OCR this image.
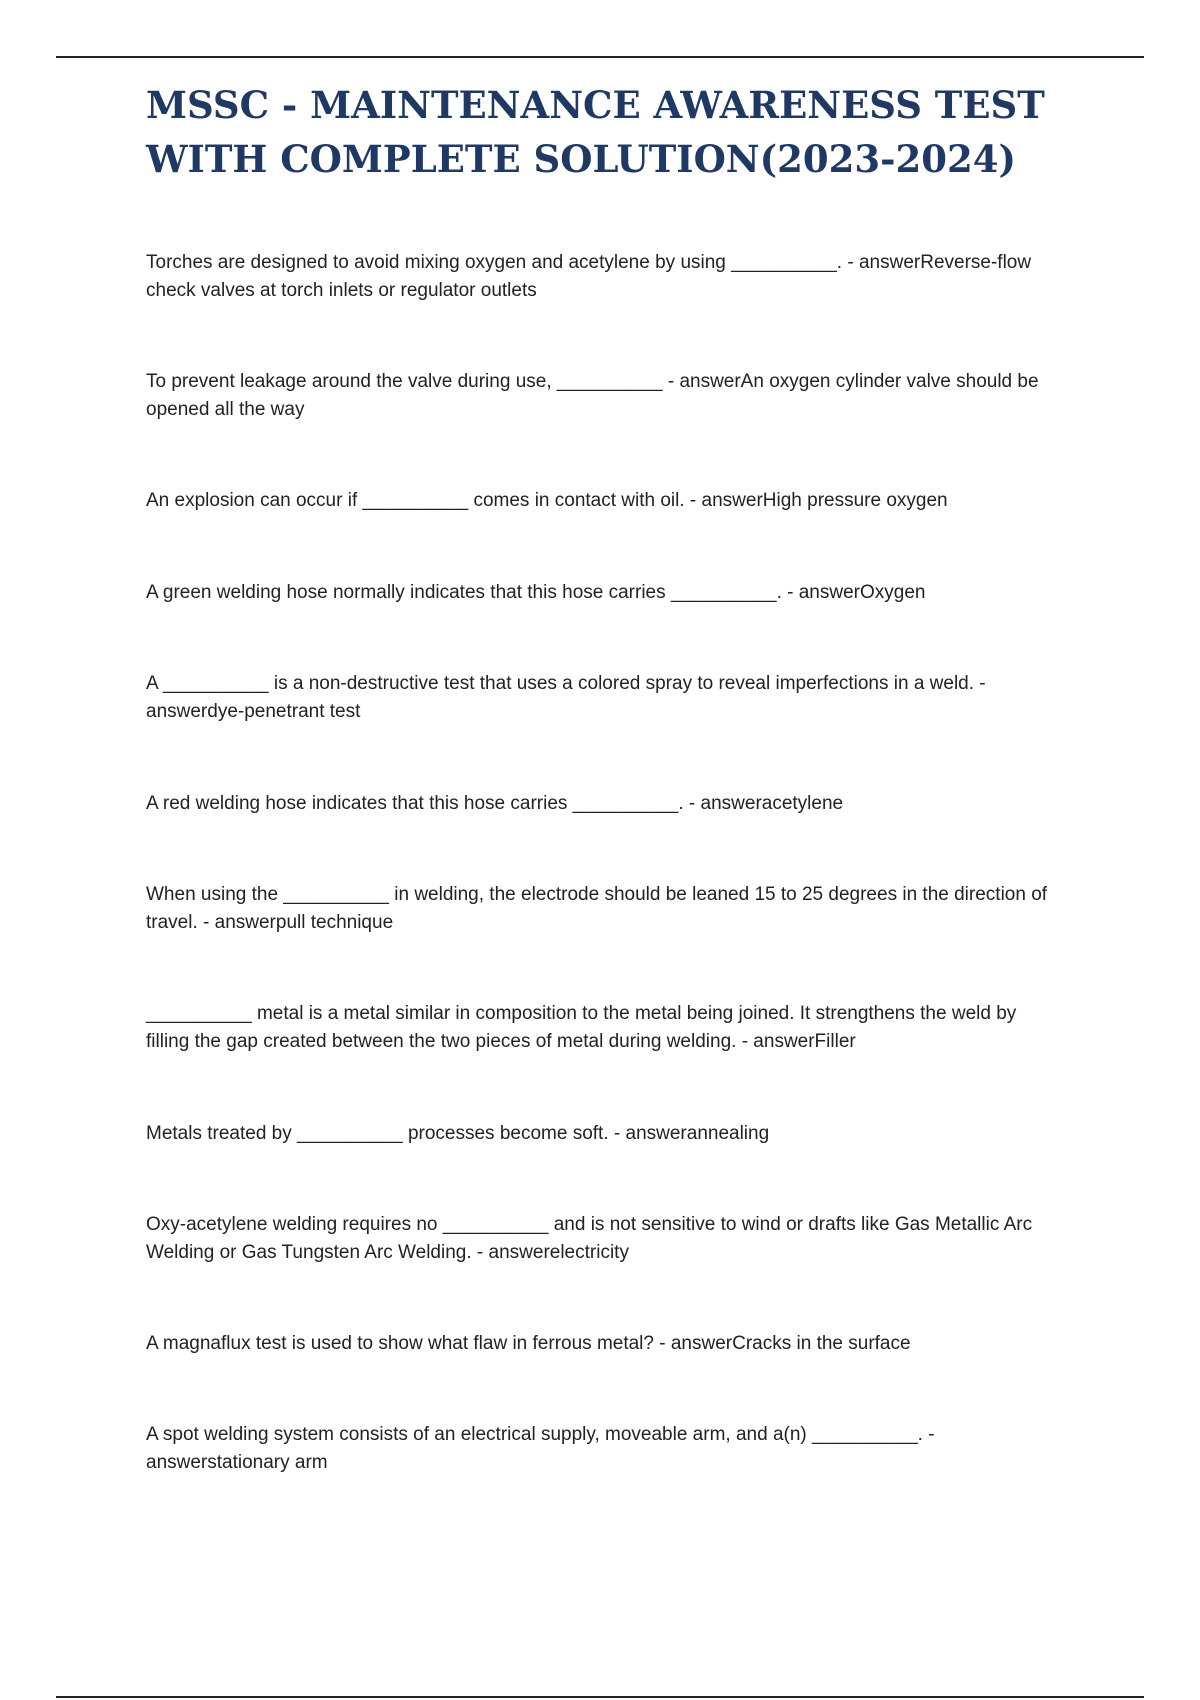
MSSC - MAINTENANCE AWARENESS TEST  WITH COMPLETE SOLUTION(2023-2024)

Torches are designed to avoid mixing oxygen and acetylene by using __________. - answerReverse-flow check valves at torch inlets or regulator outlets

To prevent leakage around the valve during use, __________ - answerAn oxygen cylinder valve should be opened all the way

An explosion can occur if __________ comes in contact with oil. - answerHigh pressure oxygen

A green welding hose normally indicates that this hose carries __________. - answerOxygen

A __________ is a non-destructive test that uses a colored spray to reveal imperfections in a weld. - answerdye-penetrant test

A red welding hose indicates that this hose carries __________. - answeracetylene

When using the __________ in welding, the electrode should be leaned 15 to 25 degrees in the direction of travel. - answerpull technique

__________ metal is a metal similar in composition to the metal being joined. It strengthens the weld by filling the gap created between the two pieces of metal during welding. - answerFiller

Metals treated by __________ processes become soft. - answerannealing

Oxy-acetylene welding requires no __________ and is not sensitive to wind or drafts like Gas Metallic Arc Welding or Gas Tungsten Arc Welding. - answerelectricity

A magnaflux test is used to show what flaw in ferrous metal? - answerCracks in the surface

A spot welding system consists of an electrical supply, moveable arm, and a(n) __________. - answerstationary arm
